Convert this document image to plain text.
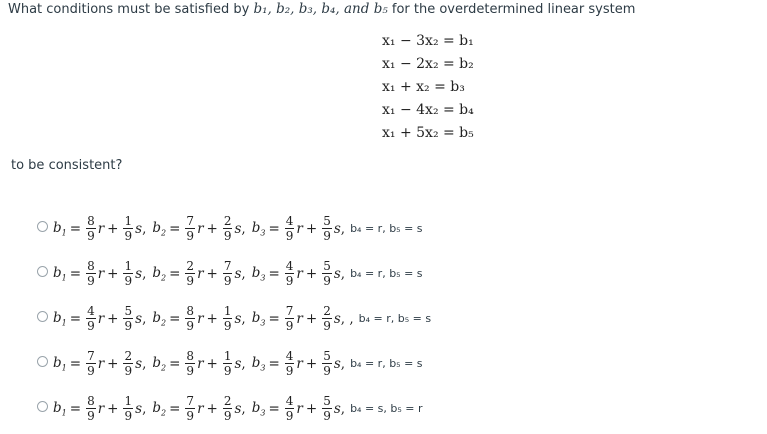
What conditions must be satisfied by b₁, b₂, b₃, b₄, and b₅ for the overdetermined linear system
x₁ − 3x₂ = b₁
x₁ − 2x₂ = b₂
x₁ + x₂ = b₃
x₁ − 4x₂ = b₄
x₁ + 5x₂ = b₅
to be consistent?
$b_1 = \frac{8}{9}$ $r + \frac{1}{9}$ s , $b_2 = \frac{7}{9}$ $r + \frac{2}{9}$ s , $b_3 = \frac{4}{9}$ $r + \frac{5}{9}$ s , b₄ = r, b₅ = s
$b_1 = \frac{8}{9}$ $r + \frac{1}{9}$ s , $b_2 = \frac{2}{9}$ $r + \frac{7}{9}$ s , $b_3 = \frac{4}{9}$ $r + \frac{5}{9}$ s , b₄ = r, b₅ = s
$b_1 = \frac{4}{9}$ $r + \frac{5}{9}$ s , $b_2 = \frac{8}{9}$ $r + \frac{1}{9}$ s , $b_3 = \frac{7}{9}$ $r + \frac{2}{9}$ s , , b₄ = r, b₅ = s
$b_1 = \frac{7}{9}$ $r + \frac{2}{9}$ s , $b_2 = \frac{8}{9}$ $r + \frac{1}{9}$ s , $b_3 = \frac{4}{9}$ $r + \frac{5}{9}$ s , b₄ = r, b₅ = s
$b_1 = \frac{8}{9}$ $r + \frac{1}{9}$ s , $b_2 = \frac{7}{9}$ $r + \frac{2}{9}$ s , $b_3 = \frac{4}{9}$ $r + \frac{5}{9}$ s , b₄ = s, b₅ = r
